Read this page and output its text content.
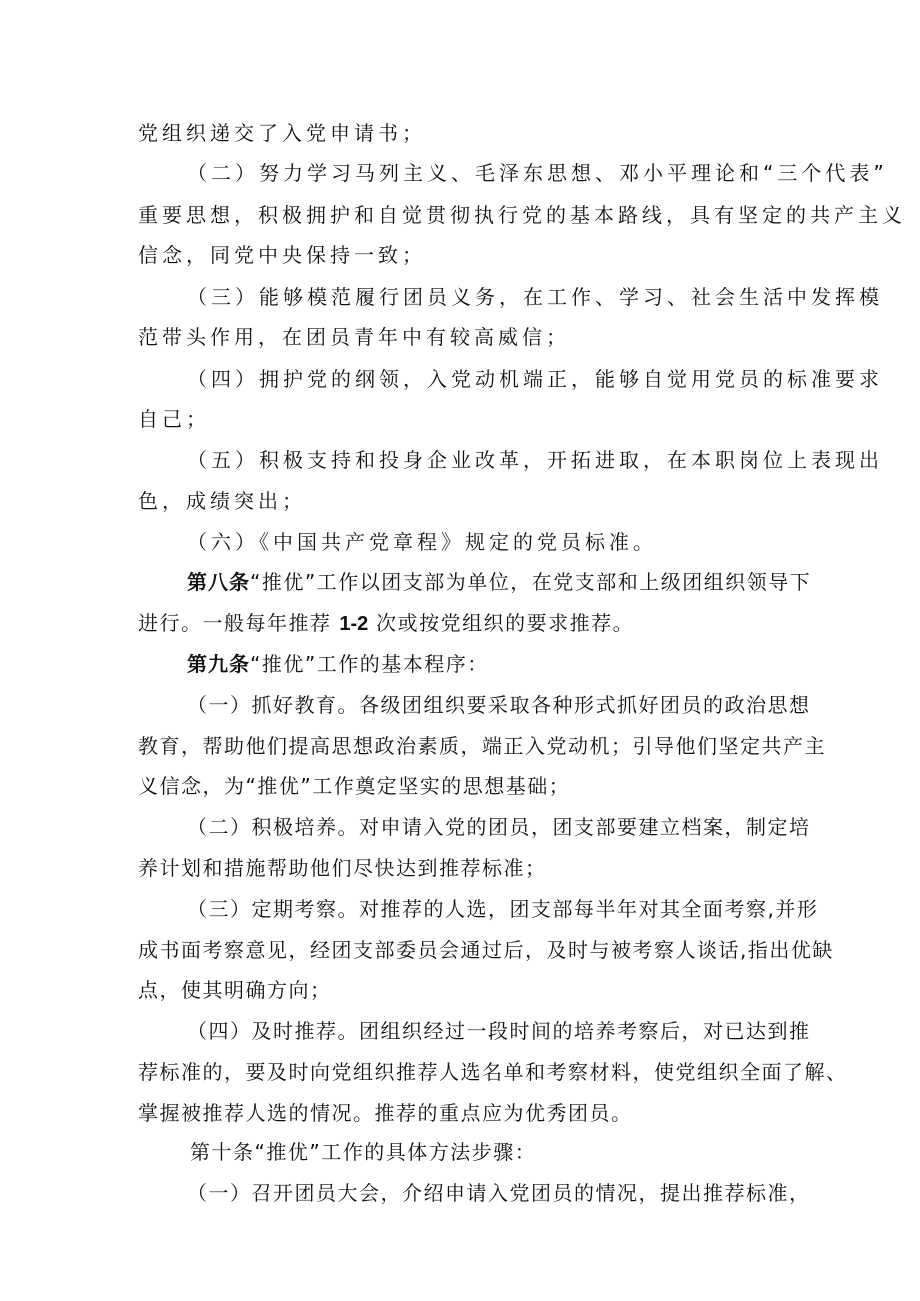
党组织递交了入党申请书；
（二）努力学习马列主义、毛泽东思想、邓小平理论和“三个代表”
重要思想，积极拥护和自觉贯彻执行党的基本路线，具有坚定的共产主义
信念，同党中央保持一致；
（三）能够模范履行团员义务，在工作、学习、社会生活中发挥模
范带头作用，在团员青年中有较高威信；
（四）拥护党的纲领，入党动机端正，能够自觉用党员的标准要求
自己；
（五）积极支持和投身企业改革，开拓进取，在本职岗位上表现出
色，成绩突出；
（六）《中国共产党章程》规定的党员标准。
第八条“推优”工作以团支部为单位，在党支部和上级团组织领导下
进行。一般每年推荐 1-2 次或按党组织的要求推荐。
第九条“推优”工作的基本程序：
（一）抓好教育。各级团组织要采取各种形式抓好团员的政治思想
教育，帮助他们提高思想政治素质，端正入党动机；引导他们坚定共产主
义信念，为“推优”工作奠定坚实的思想基础；
（二）积极培养。对申请入党的团员，团支部要建立档案，制定培
养计划和措施帮助他们尽快达到推荐标准；
（三）定期考察。对推荐的人选，团支部每半年对其全面考察,并形
成书面考察意见，经团支部委员会通过后，及时与被考察人谈话,指出优缺
点，使其明确方向；
（四）及时推荐。团组织经过一段时间的培养考察后，对已达到推
荐标准的，要及时向党组织推荐人选名单和考察材料，使党组织全面了解、
掌握被推荐人选的情况。推荐的重点应为优秀团员。
第十条“推优”工作的具体方法步骤：
（一）召开团员大会，介绍申请入党团员的情况，提出推荐标准，
